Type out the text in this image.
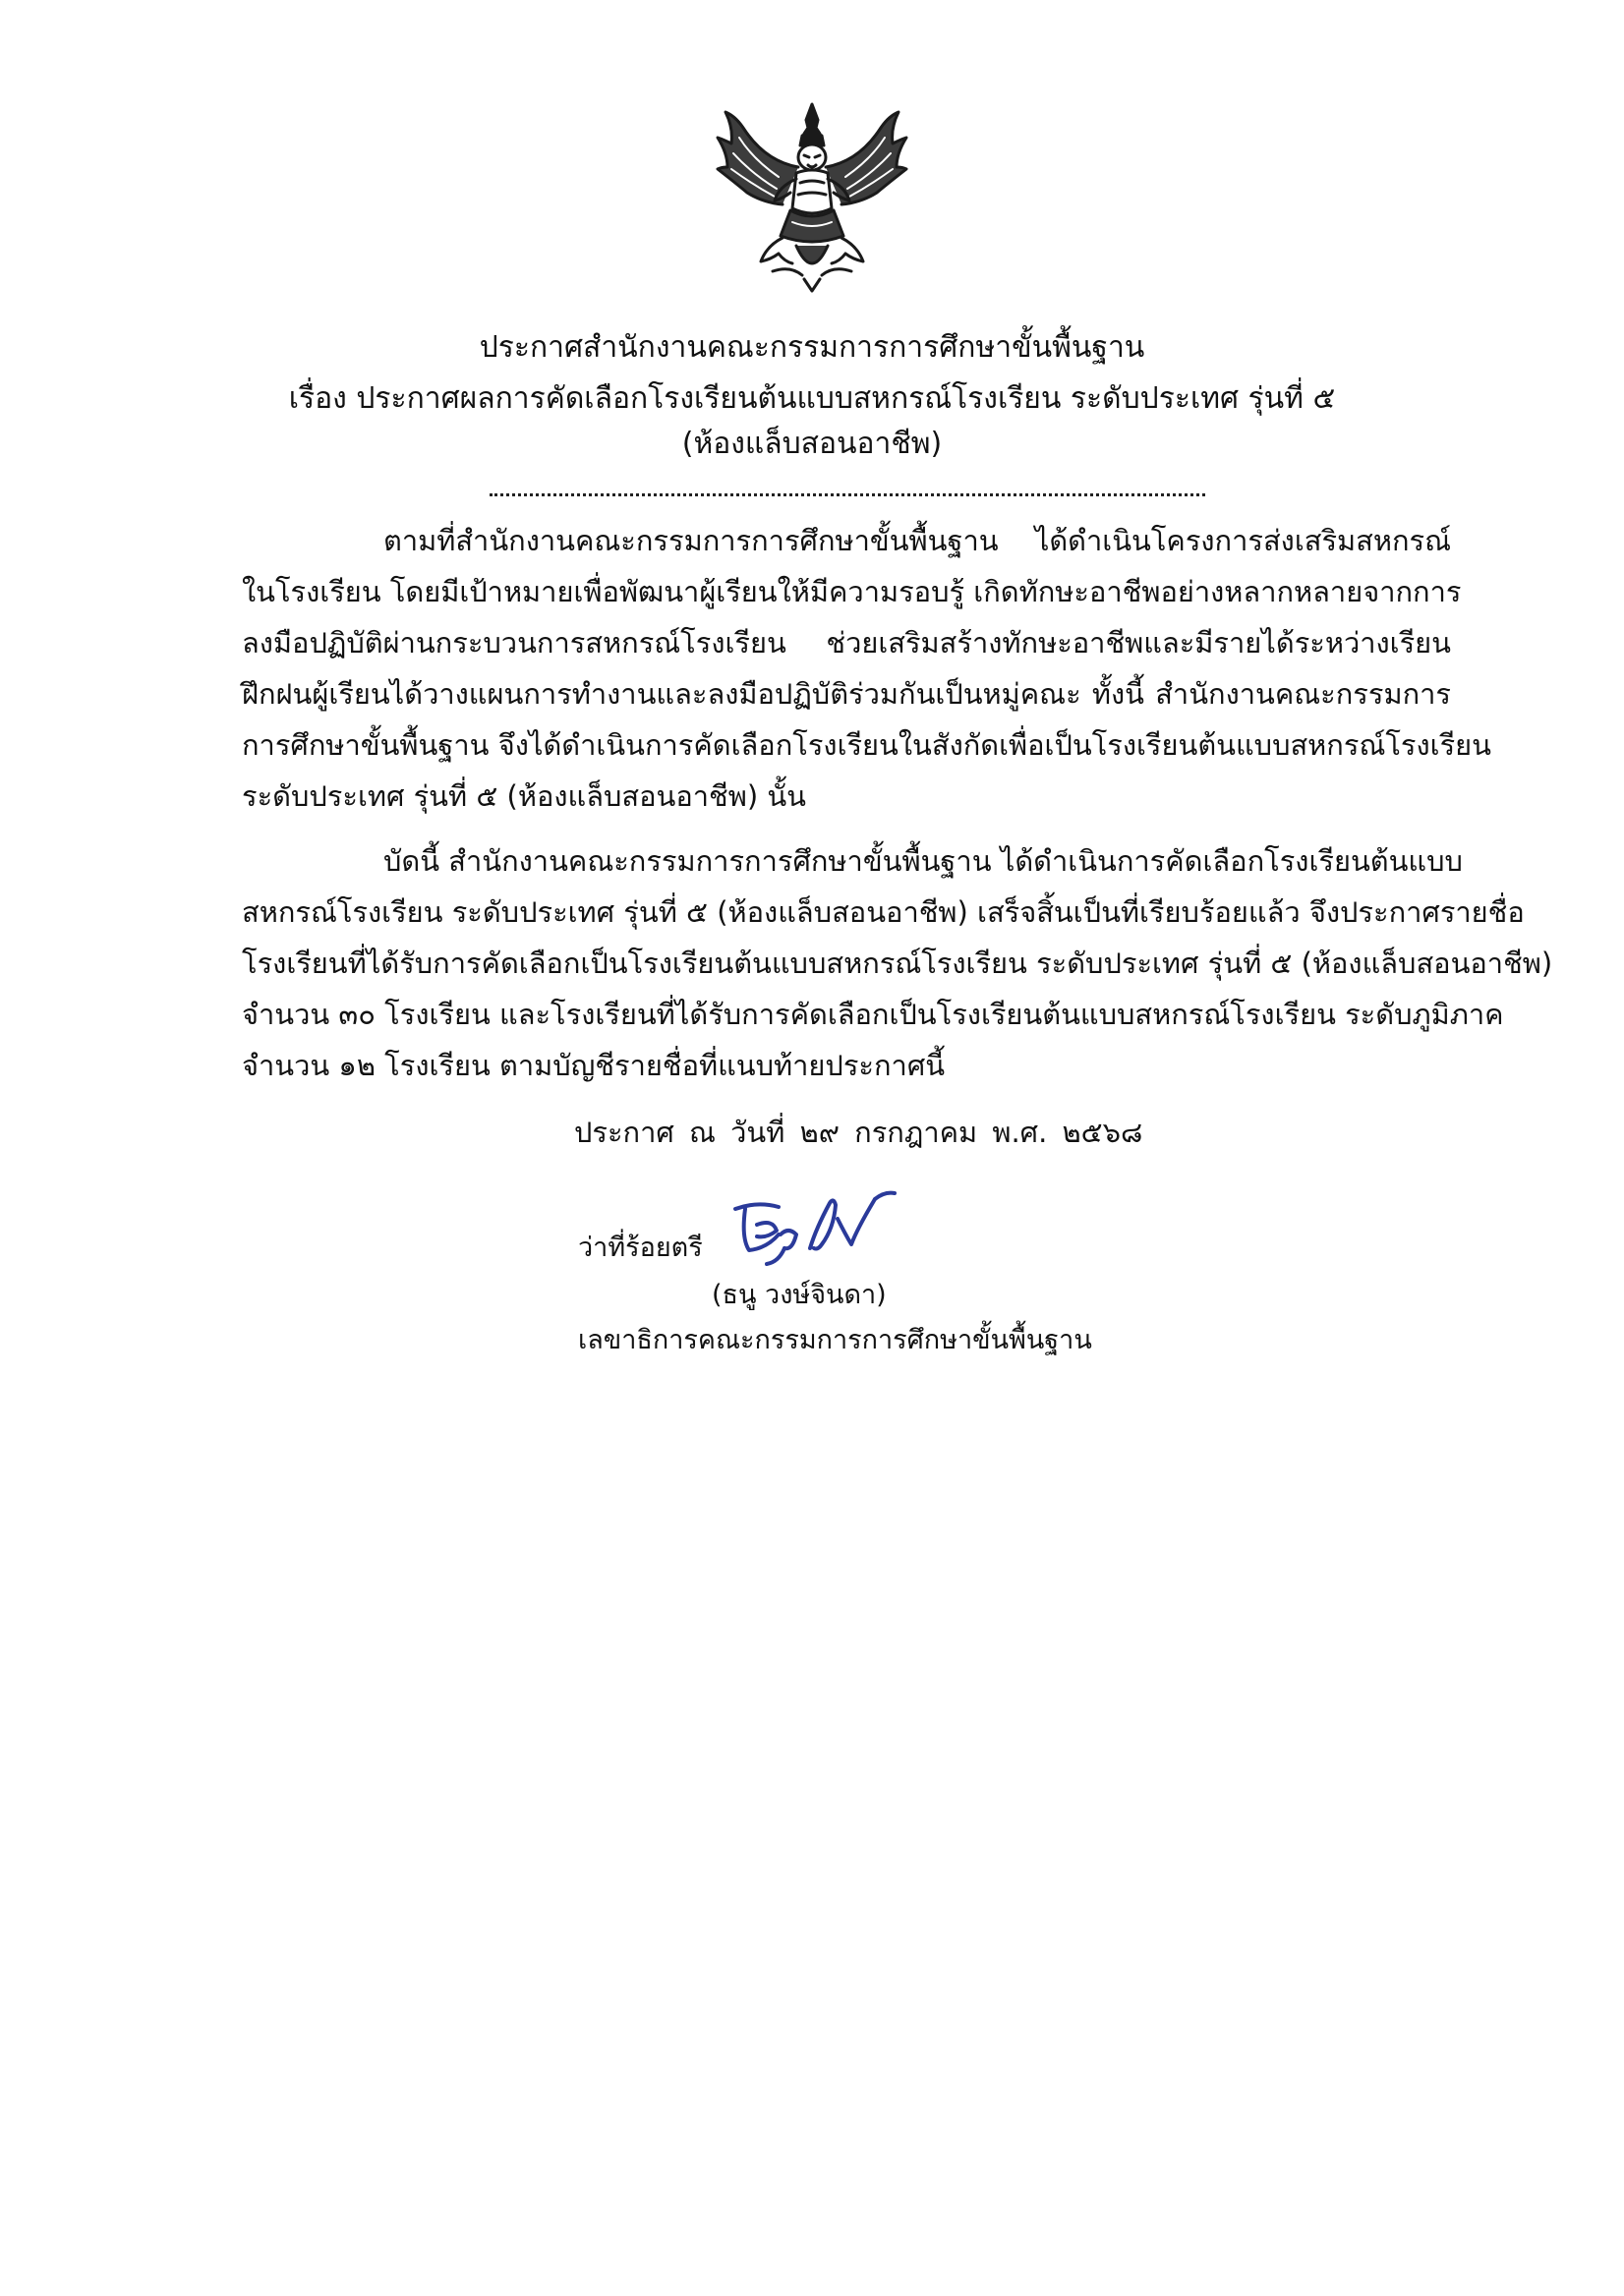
ประกาศสำนักงานคณะกรรมการการศึกษาขั้นพื้นฐาน
เรื่อง ประกาศผลการคัดเลือกโรงเรียนต้นแบบสหกรณ์โรงเรียน ระดับประเทศ รุ่นที่ ๕
(ห้องแล็บสอนอาชีพ)
ตามที่สำนักงานคณะกรรมการการศึกษาขั้นพื้นฐาน ได้ดำเนินโครงการส่งเสริมสหกรณ์
ในโรงเรียน โดยมีเป้าหมายเพื่อพัฒนาผู้เรียนให้มีความรอบรู้ เกิดทักษะอาชีพอย่างหลากหลายจากการ
ลงมือปฏิบัติผ่านกระบวนการสหกรณ์โรงเรียน ช่วยเสริมสร้างทักษะอาชีพและมีรายได้ระหว่างเรียน
ฝึกฝนผู้เรียนได้วางแผนการทำงานและลงมือปฏิบัติร่วมกันเป็นหมู่คณะ ทั้งนี้ สำนักงานคณะกรรมการ
การศึกษาขั้นพื้นฐาน จึงได้ดำเนินการคัดเลือกโรงเรียนในสังกัดเพื่อเป็นโรงเรียนต้นแบบสหกรณ์โรงเรียน
ระดับประเทศ รุ่นที่ ๕ (ห้องแล็บสอนอาชีพ) นั้น
บัดนี้ สำนักงานคณะกรรมการการศึกษาขั้นพื้นฐาน ได้ดำเนินการคัดเลือกโรงเรียนต้นแบบ
สหกรณ์โรงเรียน ระดับประเทศ รุ่นที่ ๕ (ห้องแล็บสอนอาชีพ) เสร็จสิ้นเป็นที่เรียบร้อยแล้ว จึงประกาศรายชื่อ
โรงเรียนที่ได้รับการคัดเลือกเป็นโรงเรียนต้นแบบสหกรณ์โรงเรียน ระดับประเทศ รุ่นที่ ๕ (ห้องแล็บสอนอาชีพ)
จำนวน ๓๐ โรงเรียน และโรงเรียนที่ได้รับการคัดเลือกเป็นโรงเรียนต้นแบบสหกรณ์โรงเรียน ระดับภูมิภาค
จำนวน ๑๒ โรงเรียน ตามบัญชีรายชื่อที่แนบท้ายประกาศนี้
ประกาศ ณ วันที่ ๒๙ กรกฎาคม พ.ศ. ๒๕๖๘
ว่าที่ร้อยตรี
(ธนู วงษ์จินดา)
เลขาธิการคณะกรรมการการศึกษาขั้นพื้นฐาน
